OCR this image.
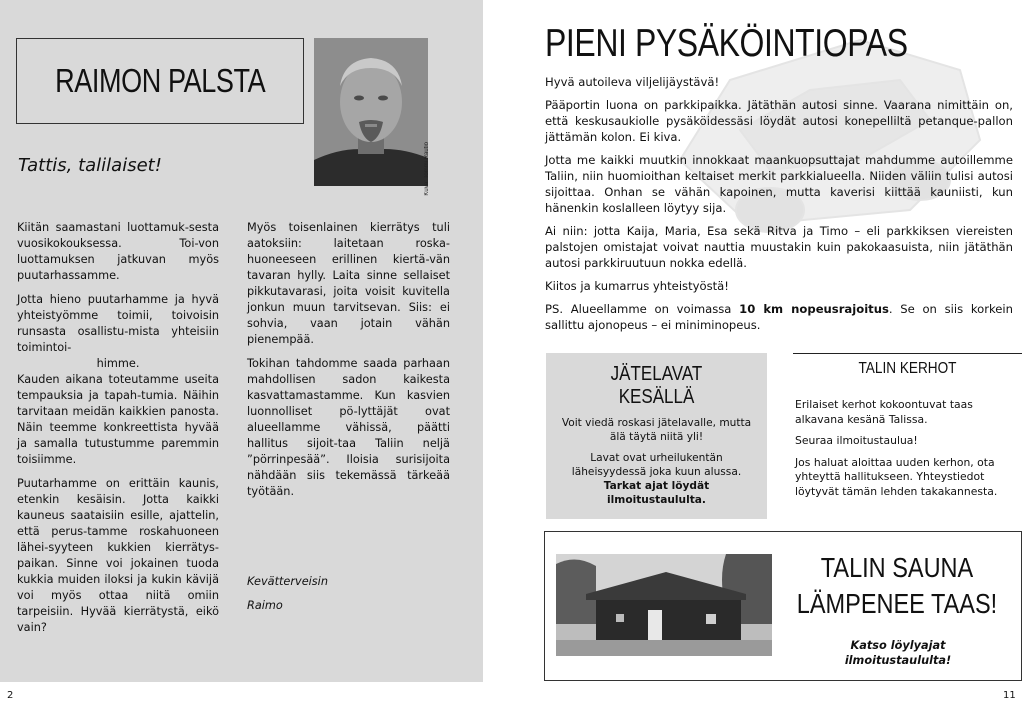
RAIMON PALSTA
Kuva: Tommi Rautio
Tattis, talilaiset!

Kiitän saamastani luottamuk-sesta vuosikokouksessa. Toi-von luottamuksen jatkuvan myös puutarhassamme.

Jotta hieno puutarhamme ja hyvä yhteistyömme toimii, toivoisin runsasta osallistu-mista yhteisiin toimintoi-

himme.

Kauden aikana toteutamme useita tempauksia ja tapah-tumia. Näihin tarvitaan meidän kaikkien panosta. Näin teemme konkreettista hyvää ja samalla tutustumme paremmin toisiimme.

Puutarhamme on erittäin kaunis, etenkin kesäisin. Jotta kaikki kauneus saataisiin esille, ajattelin, että perus-tamme roskahuoneen lähei-syyteen kukkien kierrätys-paikan. Sinne voi jokainen tuoda kukkia muiden iloksi ja kukin kävijä voi myös ottaa niitä omiin tarpeisiin. Hyvää kierrätystä, eikö vain?

Myös toisenlainen kierrätys tuli aatoksiin: laitetaan roska-huoneeseen erillinen kiertä-vän tavaran hylly. Laita sinne sellaiset pikkutavarasi, joita voisit kuvitella jonkun muun tarvitsevan. Siis: ei sohvia, vaan jotain vähän pienempää.

Tokihan tahdomme saada parhaan mahdollisen sadon kaikesta kasvattamastamme. Kun kasvien luonnolliset pö-lyttäjät ovat alueellamme vähissä, päätti hallitus sijoit-taa Taliin neljä ”pörrinpesää”. Iloisia surisijoita nähdään siis tekemässä tärkeää työtään.

Kevätterveisin
Raimo
2
PIENI PYSÄKÖINTIOPAS

Hyvä autoileva viljelijäystävä!

Pääportin luona on parkkipaikka. Jätäthän autosi sinne. Vaarana nimittäin on, että keskusaukiolle pysäköidessäsi löydät autosi konepelliltä petanque-pallon jättämän kolon. Ei kiva.

Jotta me kaikki muutkin innokkaat maankuopsuttajat mahdumme autoillemme Taliin, niin huomioithan keltaiset merkit parkkialueella. Niiden väliin tulisi autosi sijoittaa. Onhan se vähän kapoinen, mutta kaverisi kiittää kauniisti, kun hänenkin koslalleen löytyy sija.

Ai niin: jotta Kaija, Maria, Esa sekä Ritva ja Timo – eli parkkiksen viereisten palstojen omistajat voivat nauttia muustakin kuin pakokaasuista, niin jätäthän autosi parkkiruutuun nokka edellä.

Kiitos ja kumarrus yhteistyöstä!

PS. Alueellamme on voimassa 10 km nopeusrajoitus. Se on siis korkein sallittu ajonopeus – ei miniminopeus.

JÄTELAVAT
KESÄLLÄ

Voit viedä roskasi jätelavalle, mutta älä täytä niitä yli!

Lavat ovat urheilukentän läheisyydessä joka kuun alussa.

Tarkat ajat löydät ilmoitustaululta.

TALIN KERHOT

Erilaiset kerhot kokoontuvat taas alkavana kesänä Talissa.

Seuraa ilmoitustaulua!

Jos haluat aloittaa uuden kerhon, ota yhteyttä hallitukseen. Yhteystiedot löytyvät tämän lehden takakannesta.

TALIN SAUNA
LÄMPENEE TAAS!
Katso löylyajat
ilmoitustaululta!
11
